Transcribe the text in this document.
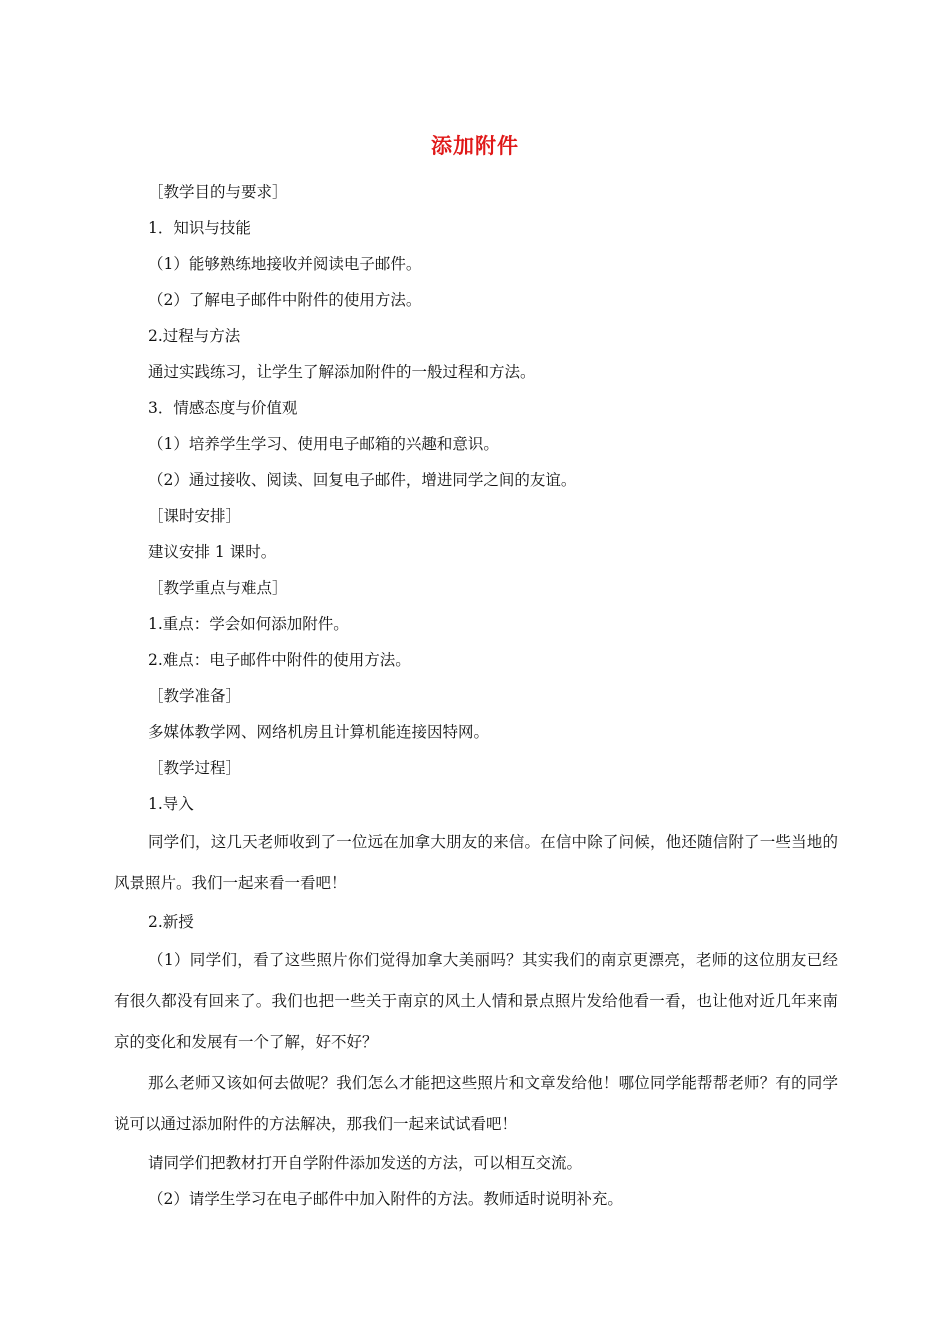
添加附件

［教学目的与要求］

1．知识与技能

（1）能够熟练地接收并阅读电子邮件。

（2）了解电子邮件中附件的使用方法。

2.过程与方法

通过实践练习，让学生了解添加附件的一般过程和方法。

3．情感态度与价值观

（1）培养学生学习、使用电子邮箱的兴趣和意识。

（2）通过接收、阅读、回复电子邮件，增进同学之间的友谊。

［课时安排］

建议安排 1 课时。

［教学重点与难点］

1.重点：学会如何添加附件。

2.难点：电子邮件中附件的使用方法。

［教学准备］

多媒体教学网、网络机房且计算机能连接因特网。

［教学过程］

1.导入

同学们，这几天老师收到了一位远在加拿大朋友的来信。在信中除了问候，他还随信附了一些当地的风景照片。我们一起来看一看吧！

2.新授

（1）同学们，看了这些照片你们觉得加拿大美丽吗？其实我们的南京更漂亮，老师的这位朋友已经有很久都没有回来了。我们也把一些关于南京的风土人情和景点照片发给他看一看，也让他对近几年来南京的变化和发展有一个了解，好不好？

那么老师又该如何去做呢？我们怎么才能把这些照片和文章发给他！哪位同学能帮帮老师？有的同学说可以通过添加附件的方法解决，那我们一起来试试看吧！

请同学们把教材打开自学附件添加发送的方法，可以相互交流。

（2）请学生学习在电子邮件中加入附件的方法。教师适时说明补充。
